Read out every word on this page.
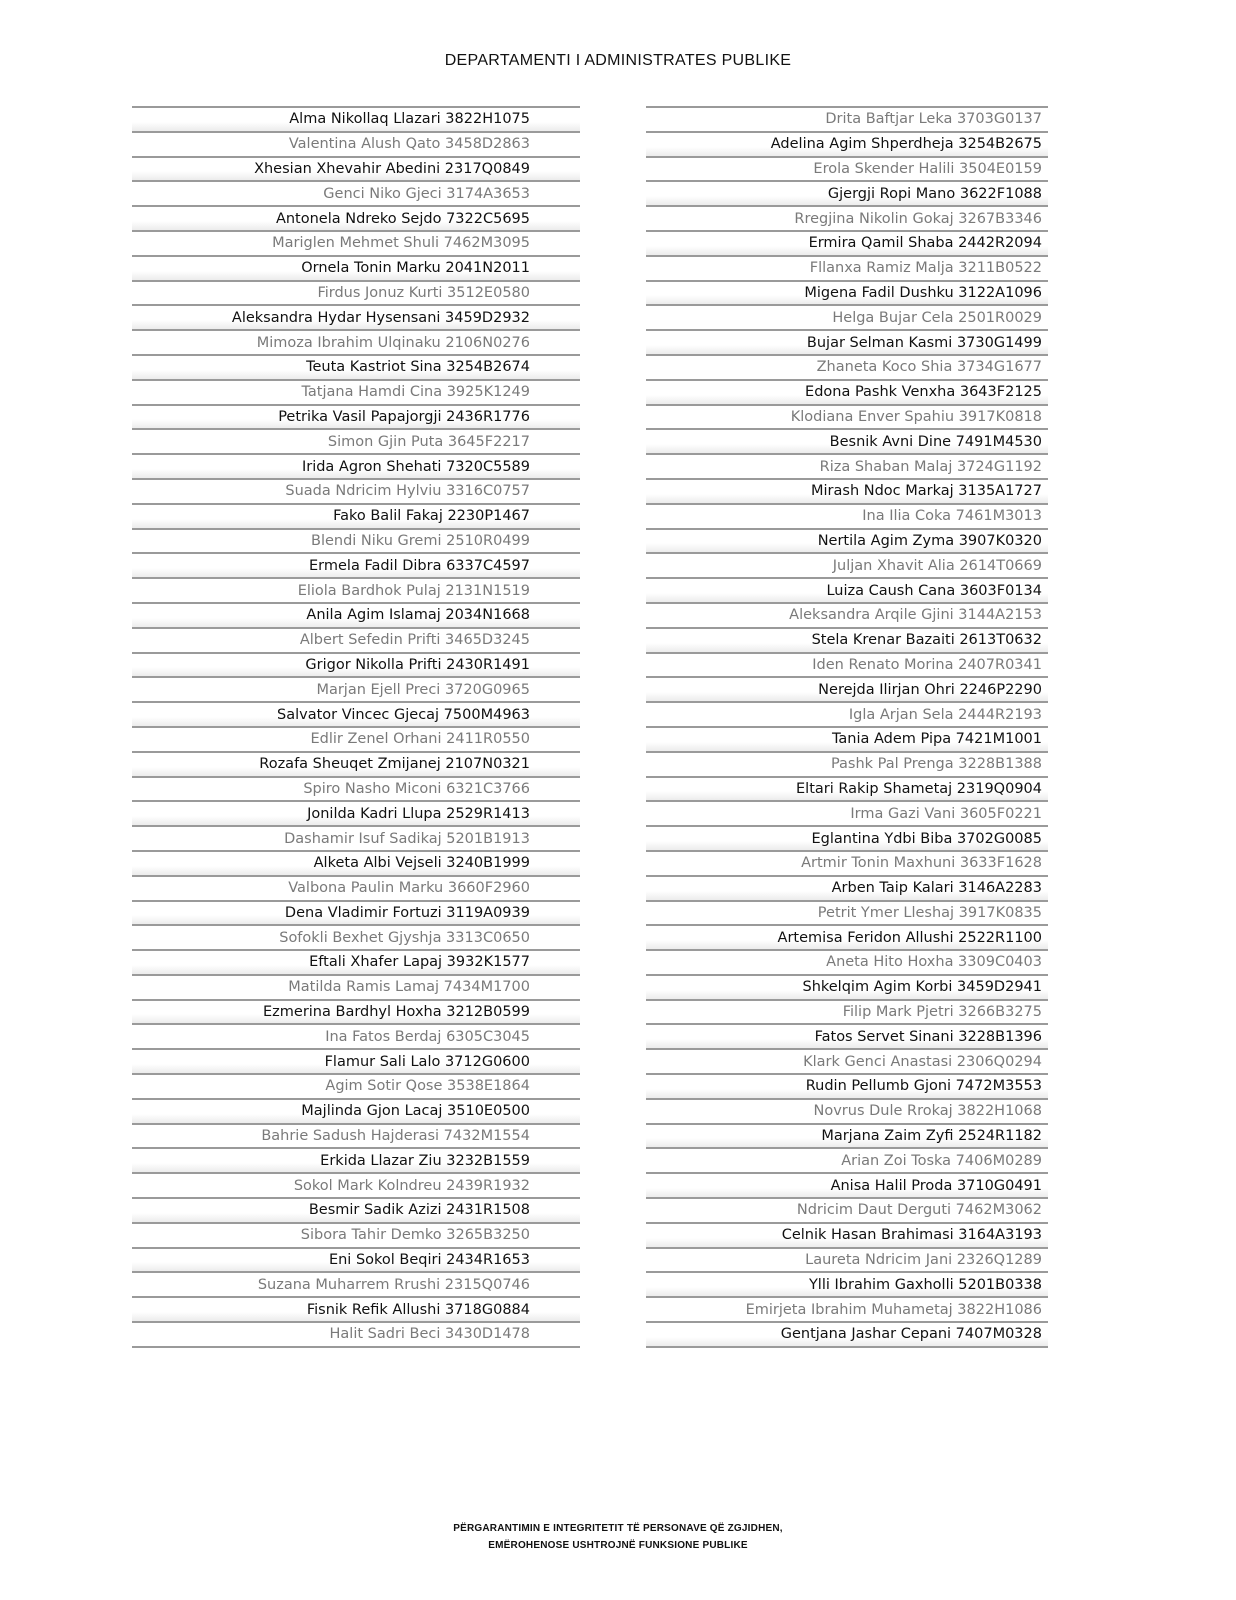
DEPARTAMENTI I ADMINISTRATES PUBLIKE
Alma Nikollaq Llazari 3822H1075
Valentina Alush Qato 3458D2863
Xhesian Xhevahir Abedini 2317Q0849
Genci Niko Gjeci 3174A3653
Antonela Ndreko Sejdo 7322C5695
Mariglen Mehmet Shuli 7462M3095
Ornela Tonin Marku 2041N2011
Firdus Jonuz Kurti 3512E0580
Aleksandra Hydar Hysensani 3459D2932
Mimoza Ibrahim Ulqinaku 2106N0276
Teuta Kastriot Sina 3254B2674
Tatjana Hamdi Cina 3925K1249
Petrika Vasil Papajorgji 2436R1776
Simon Gjin Puta 3645F2217
Irida Agron Shehati 7320C5589
Suada Ndricim Hylviu 3316C0757
Fako Balil Fakaj 2230P1467
Blendi Niku Gremi 2510R0499
Ermela Fadil Dibra 6337C4597
Eliola Bardhok Pulaj 2131N1519
Anila Agim Islamaj 2034N1668
Albert Sefedin Prifti 3465D3245
Grigor Nikolla Prifti 2430R1491
Marjan Ejell Preci 3720G0965
Salvator Vincec Gjecaj 7500M4963
Edlir Zenel Orhani 2411R0550
Rozafa Sheuqet Zmijanej 2107N0321
Spiro Nasho Miconi 6321C3766
Jonilda Kadri Llupa 2529R1413
Dashamir Isuf Sadikaj 5201B1913
Alketa Albi Vejseli 3240B1999
Valbona Paulin Marku 3660F2960
Dena Vladimir Fortuzi 3119A0939
Sofokli Bexhet Gjyshja 3313C0650
Eftali Xhafer Lapaj 3932K1577
Matilda Ramis Lamaj 7434M1700
Ezmerina Bardhyl Hoxha 3212B0599
Ina Fatos Berdaj 6305C3045
Flamur Sali Lalo 3712G0600
Agim Sotir Qose 3538E1864
Majlinda Gjon Lacaj 3510E0500
Bahrie Sadush Hajderasi 7432M1554
Erkida Llazar Ziu 3232B1559
Sokol Mark Kolndreu 2439R1932
Besmir Sadik Azizi 2431R1508
Sibora Tahir Demko 3265B3250
Eni Sokol Beqiri 2434R1653
Suzana Muharrem Rrushi 2315Q0746
Fisnik Refik Allushi 3718G0884
Halit Sadri Beci 3430D1478
Drita Baftjar Leka 3703G0137
Adelina Agim Shperdheja 3254B2675
Erola Skender Halili 3504E0159
Gjergji Ropi Mano 3622F1088
Rregjina Nikolin Gokaj 3267B3346
Ermira Qamil Shaba 2442R2094
Fllanxa Ramiz Malja 3211B0522
Migena Fadil Dushku 3122A1096
Helga Bujar Cela 2501R0029
Bujar Selman Kasmi 3730G1499
Zhaneta Koco Shia 3734G1677
Edona Pashk Venxha 3643F2125
Klodiana Enver Spahiu 3917K0818
Besnik Avni Dine 7491M4530
Riza Shaban Malaj 3724G1192
Mirash Ndoc Markaj 3135A1727
Ina Ilia Coka 7461M3013
Nertila Agim Zyma 3907K0320
Juljan Xhavit Alia 2614T0669
Luiza Caush Cana 3603F0134
Aleksandra Arqile Gjini 3144A2153
Stela Krenar Bazaiti 2613T0632
Iden Renato Morina 2407R0341
Nerejda Ilirjan Ohri 2246P2290
Igla Arjan Sela 2444R2193
Tania Adem Pipa 7421M1001
Pashk Pal Prenga 3228B1388
Eltari Rakip Shametaj 2319Q0904
Irma Gazi Vani 3605F0221
Eglantina Ydbi Biba 3702G0085
Artmir Tonin Maxhuni 3633F1628
Arben Taip Kalari 3146A2283
Petrit Ymer Lleshaj 3917K0835
Artemisa Feridon Allushi 2522R1100
Aneta Hito Hoxha 3309C0403
Shkelqim Agim Korbi 3459D2941
Filip Mark Pjetri 3266B3275
Fatos Servet Sinani 3228B1396
Klark Genci Anastasi 2306Q0294
Rudin Pellumb Gjoni 7472M3553
Novrus Dule Rrokaj 3822H1068
Marjana Zaim Zyfi 2524R1182
Arian Zoi Toska 7406M0289
Anisa Halil Proda 3710G0491
Ndricim Daut Derguti 7462M3062
Celnik Hasan Brahimasi 3164A3193
Laureta Ndricim Jani 2326Q1289
Ylli Ibrahim Gaxholli 5201B0338
Emirjeta Ibrahim Muhametaj 3822H1086
Gentjana Jashar Cepani 7407M0328
PËRGARANTIMIN E INTEGRITETIT TË PERSONAVE QË ZGJIDHEN,
EMËROHENOSE USHTROJNË FUNKSIONE PUBLIKE
